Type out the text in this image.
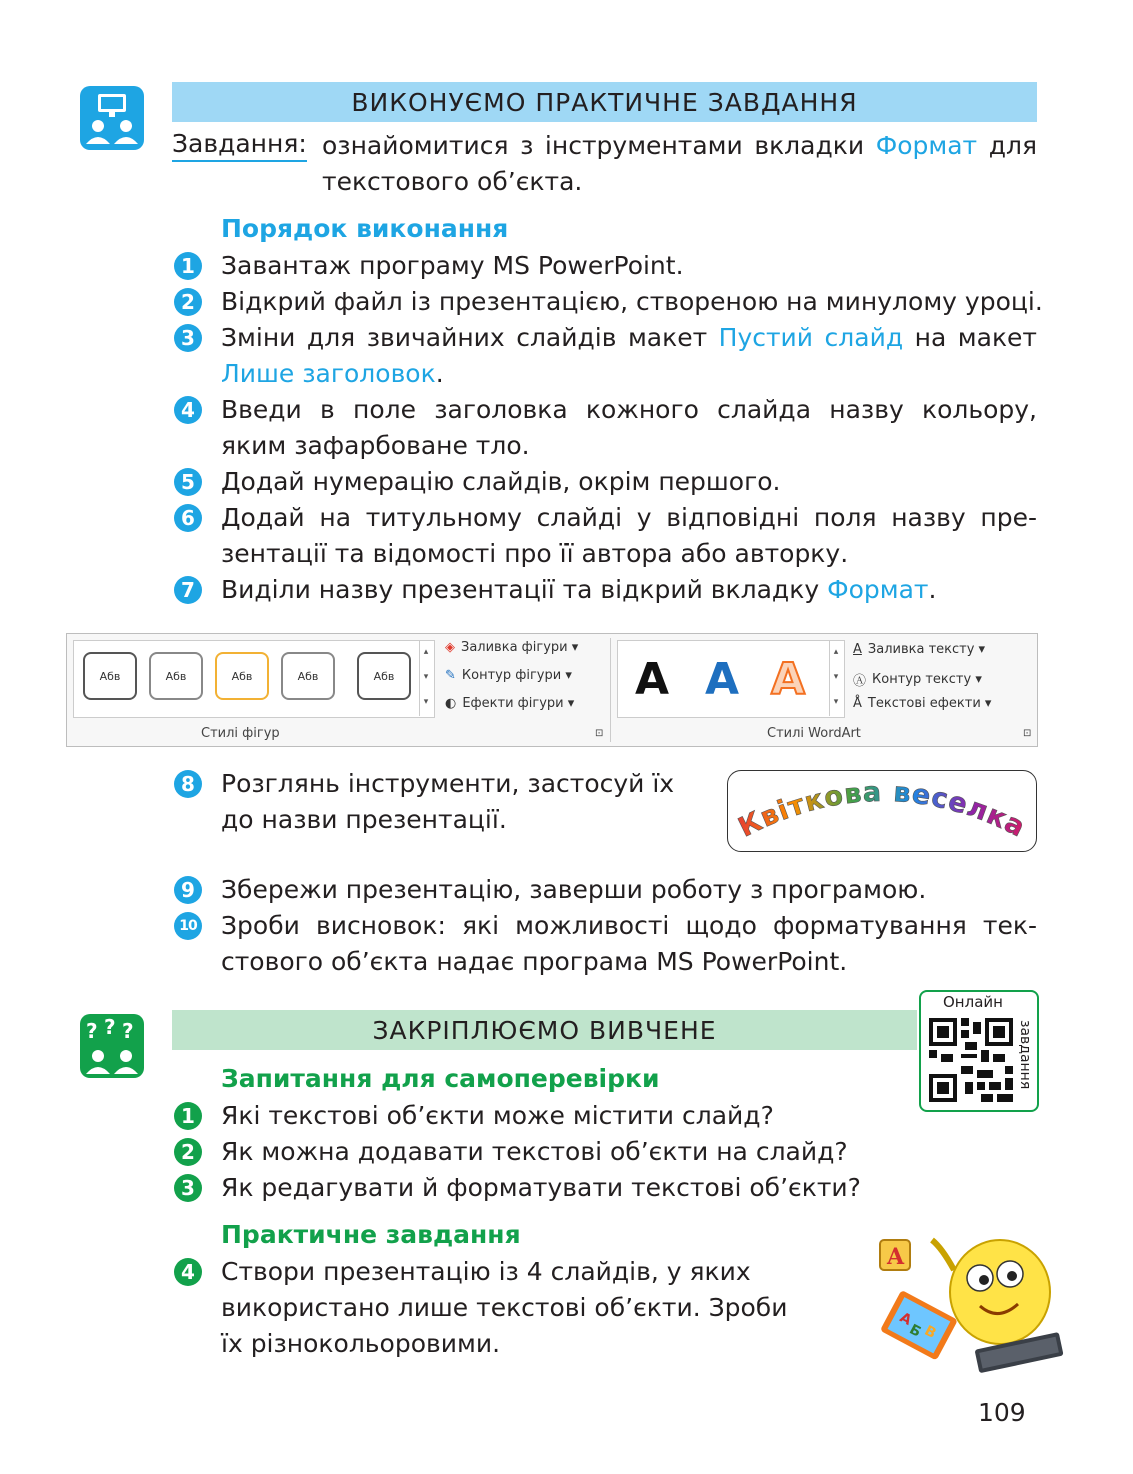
ВИКОНУЄМО ПРАКТИЧНЕ ЗАВДАННЯ
Завдання: ознайомитися з інструментами вкладки Формат для
текстового об’єкта.
Порядок виконання
1 Завантаж програму MS PowerPoint.
2 Відкрий файл із презентацією, створеною на минулому уроці.
3 Зміни для звичайних слайдів макет Пустий слайд на макет
Лише заголовок.
4 Введи в поле заголовка кожного слайда назву кольору,
яким зафарбоване тло.
5 Додай нумерацію слайдів, окрім першого.
6 Додай на титульному слайді у відповідні поля назву пре-
зентації та відомості про її автора або авторку.
7 Виділи назву презентації та відкрий вкладку Формат.
Абв	Абв	Абв	Абв	Абв
▴
▾
▾
◈ Заливка фігури ▾
✎ Контур фігури ▾
◐ Ефекти фігури ▾
Стилі фігур	⊡
A A A
▴
▾
▾
A Заливка тексту ▾
Ⓐ Контур тексту ▾
Å Текстові ефекти ▾
Стилі WordArt	⊡
8 Розглянь інструменти, застосуй їх
до назви презентації.	Квіткова веселка
9 Збережи презентацію, заверши роботу з програмою.
10 Зроби висновок: які можливості щодо форматування тек-
стового об’єкта надає програма MS PowerPoint.
? ? ?	ЗАКРІПЛЮЄМО ВИВЧЕНЕ
Онлайн
завдання
Запитання для самоперевірки
1 Які текстові об’єкти може містити слайд?
2 Як можна додавати текстові об’єкти на слайд?
3 Як редагувати й форматувати текстові об’єкти?
Практичне завдання
4 Створи презентацію із 4 слайдів, у яких
використано лише текстові об’єкти. Зроби
їх різнокольоровими.
A
А
Б
В
109
